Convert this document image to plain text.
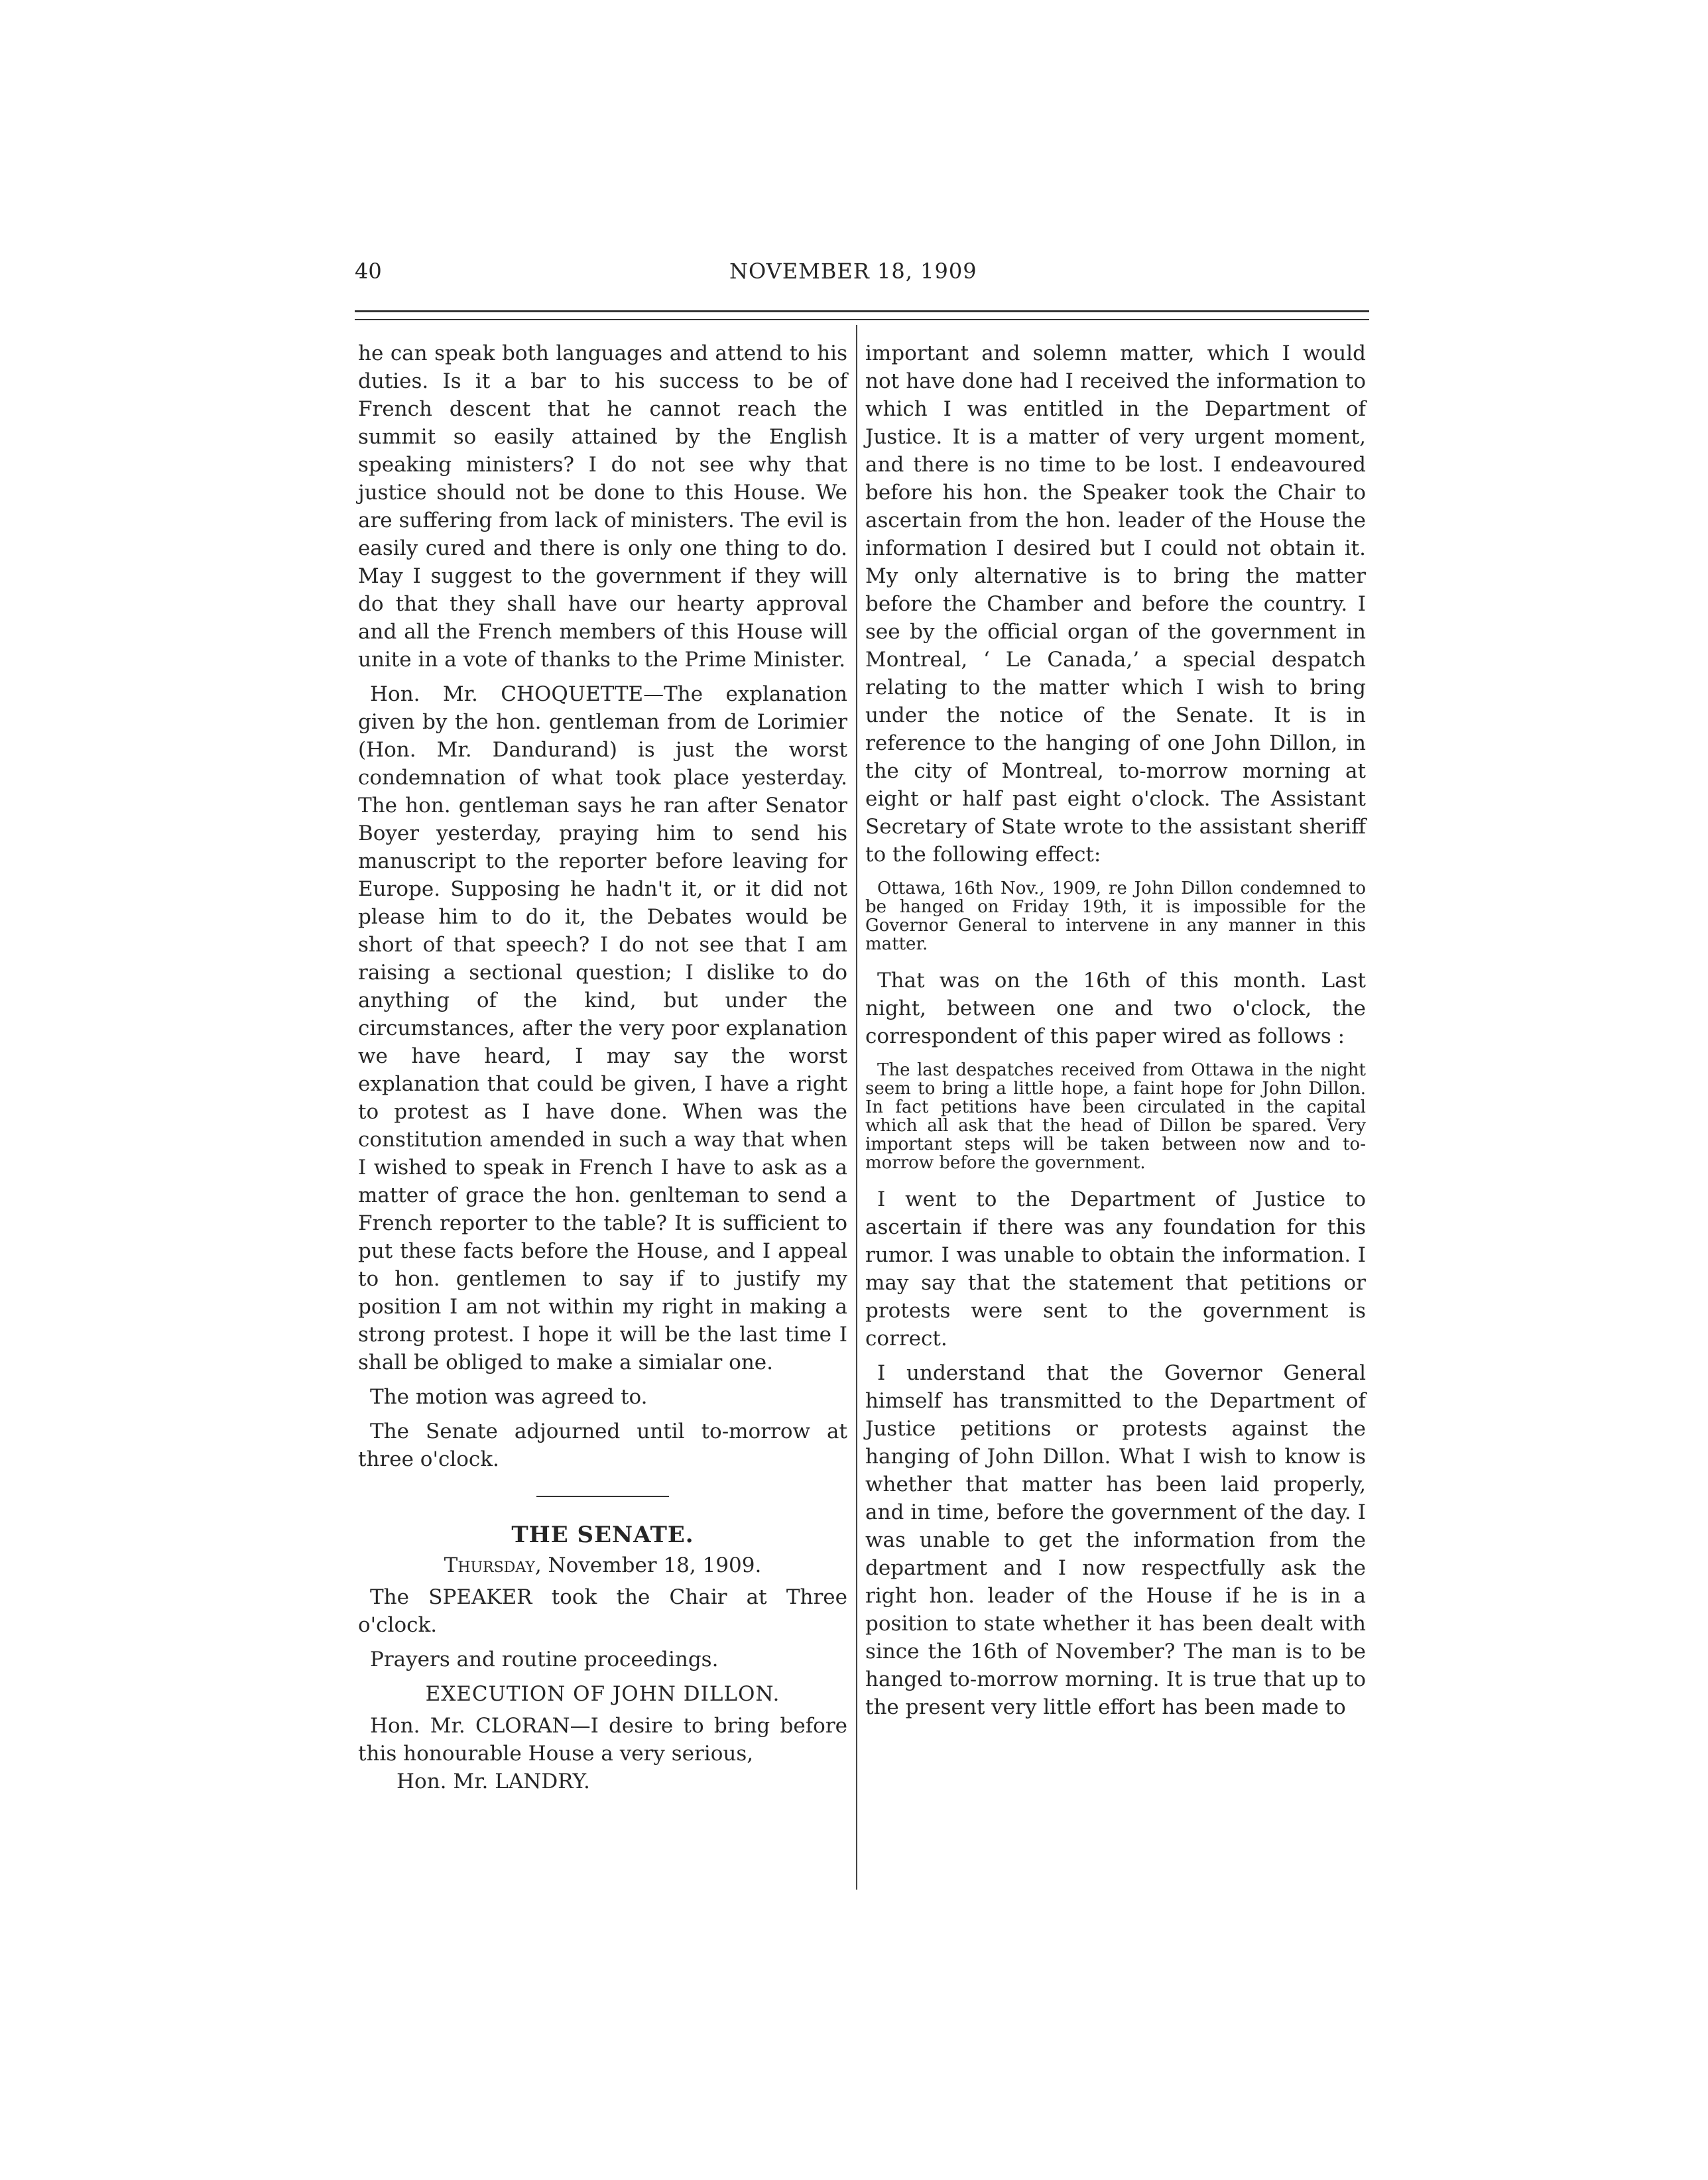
40	NOVEMBER 18, 1909

he can speak both languages and attend to his duties. Is it a bar to his success to be of French descent that he cannot reach the summit so easily attained by the English speaking ministers? I do not see why that justice should not be done to this House. We are suffering from lack of ministers. The evil is easily cured and there is only one thing to do. May I suggest to the government if they will do that they shall have our hearty approval and all the French members of this House will unite in a vote of thanks to the Prime Minister.

Hon. Mr. CHOQUETTE—The explanation given by the hon. gentleman from de Lorimier (Hon. Mr. Dandurand) is just the worst condemnation of what took place yesterday. The hon. gentleman says he ran after Senator Boyer yesterday, praying him to send his manuscript to the reporter before leaving for Europe. Supposing he hadn't it, or it did not please him to do it, the Debates would be short of that speech? I do not see that I am raising a sectional question; I dislike to do anything of the kind, but under the circumstances, after the very poor explanation we have heard, I may say the worst explanation that could be given, I have a right to protest as I have done. When was the constitution amended in such a way that when I wished to speak in French I have to ask as a matter of grace the hon. genlteman to send a French reporter to the table? It is sufficient to put these facts before the House, and I appeal to hon. gentlemen to say if to justify my position I am not within my right in making a strong protest. I hope it will be the last time I shall be obliged to make a simialar one.

The motion was agreed to.

The Senate adjourned until to-morrow at three o'clock.

THE SENATE.
Thursday, November 18, 1909.

The SPEAKER took the Chair at Three o'clock.

Prayers and routine proceedings.

EXECUTION OF JOHN DILLON.

Hon. Mr. CLORAN—I desire to bring before this honourable House a very serious,

Hon. Mr. LANDRY.

important and solemn matter, which I would not have done had I received the information to which I was entitled in the Department of Justice. It is a matter of very urgent moment, and there is no time to be lost. I endeavoured before his hon. the Speaker took the Chair to ascertain from the hon. leader of the House the information I desired but I could not obtain it. My only alternative is to bring the matter before the Chamber and before the country. I see by the official organ of the government in Montreal, ‘ Le Canada,’ a special despatch relating to the matter which I wish to bring under the notice of the Senate. It is in reference to the hanging of one John Dillon, in the city of Montreal, to-morrow morning at eight or half past eight o'clock. The Assistant Secretary of State wrote to the assistant sheriff to the following effect:

Ottawa, 16th Nov., 1909, re John Dillon condemned to be hanged on Friday 19th, it is impossible for the Governor General to intervene in any manner in this matter.

That was on the 16th of this month. Last night, between one and two o'clock, the correspondent of this paper wired as follows :

The last despatches received from Ottawa in the night seem to bring a little hope, a faint hope for John Dillon. In fact petitions have been circulated in the capital which all ask that the head of Dillon be spared. Very important steps will be taken between now and to-morrow before the government.

I went to the Department of Justice to ascertain if there was any foundation for this rumor. I was unable to obtain the information. I may say that the statement that petitions or protests were sent to the government is correct.

I understand that the Governor General himself has transmitted to the Department of Justice petitions or protests against the hanging of John Dillon. What I wish to know is whether that matter has been laid properly, and in time, before the government of the day. I was unable to get the information from the department and I now respectfully ask the right hon. leader of the House if he is in a position to state whether it has been dealt with since the 16th of November? The man is to be hanged to-morrow morning. It is true that up to the present very little effort has been made to
